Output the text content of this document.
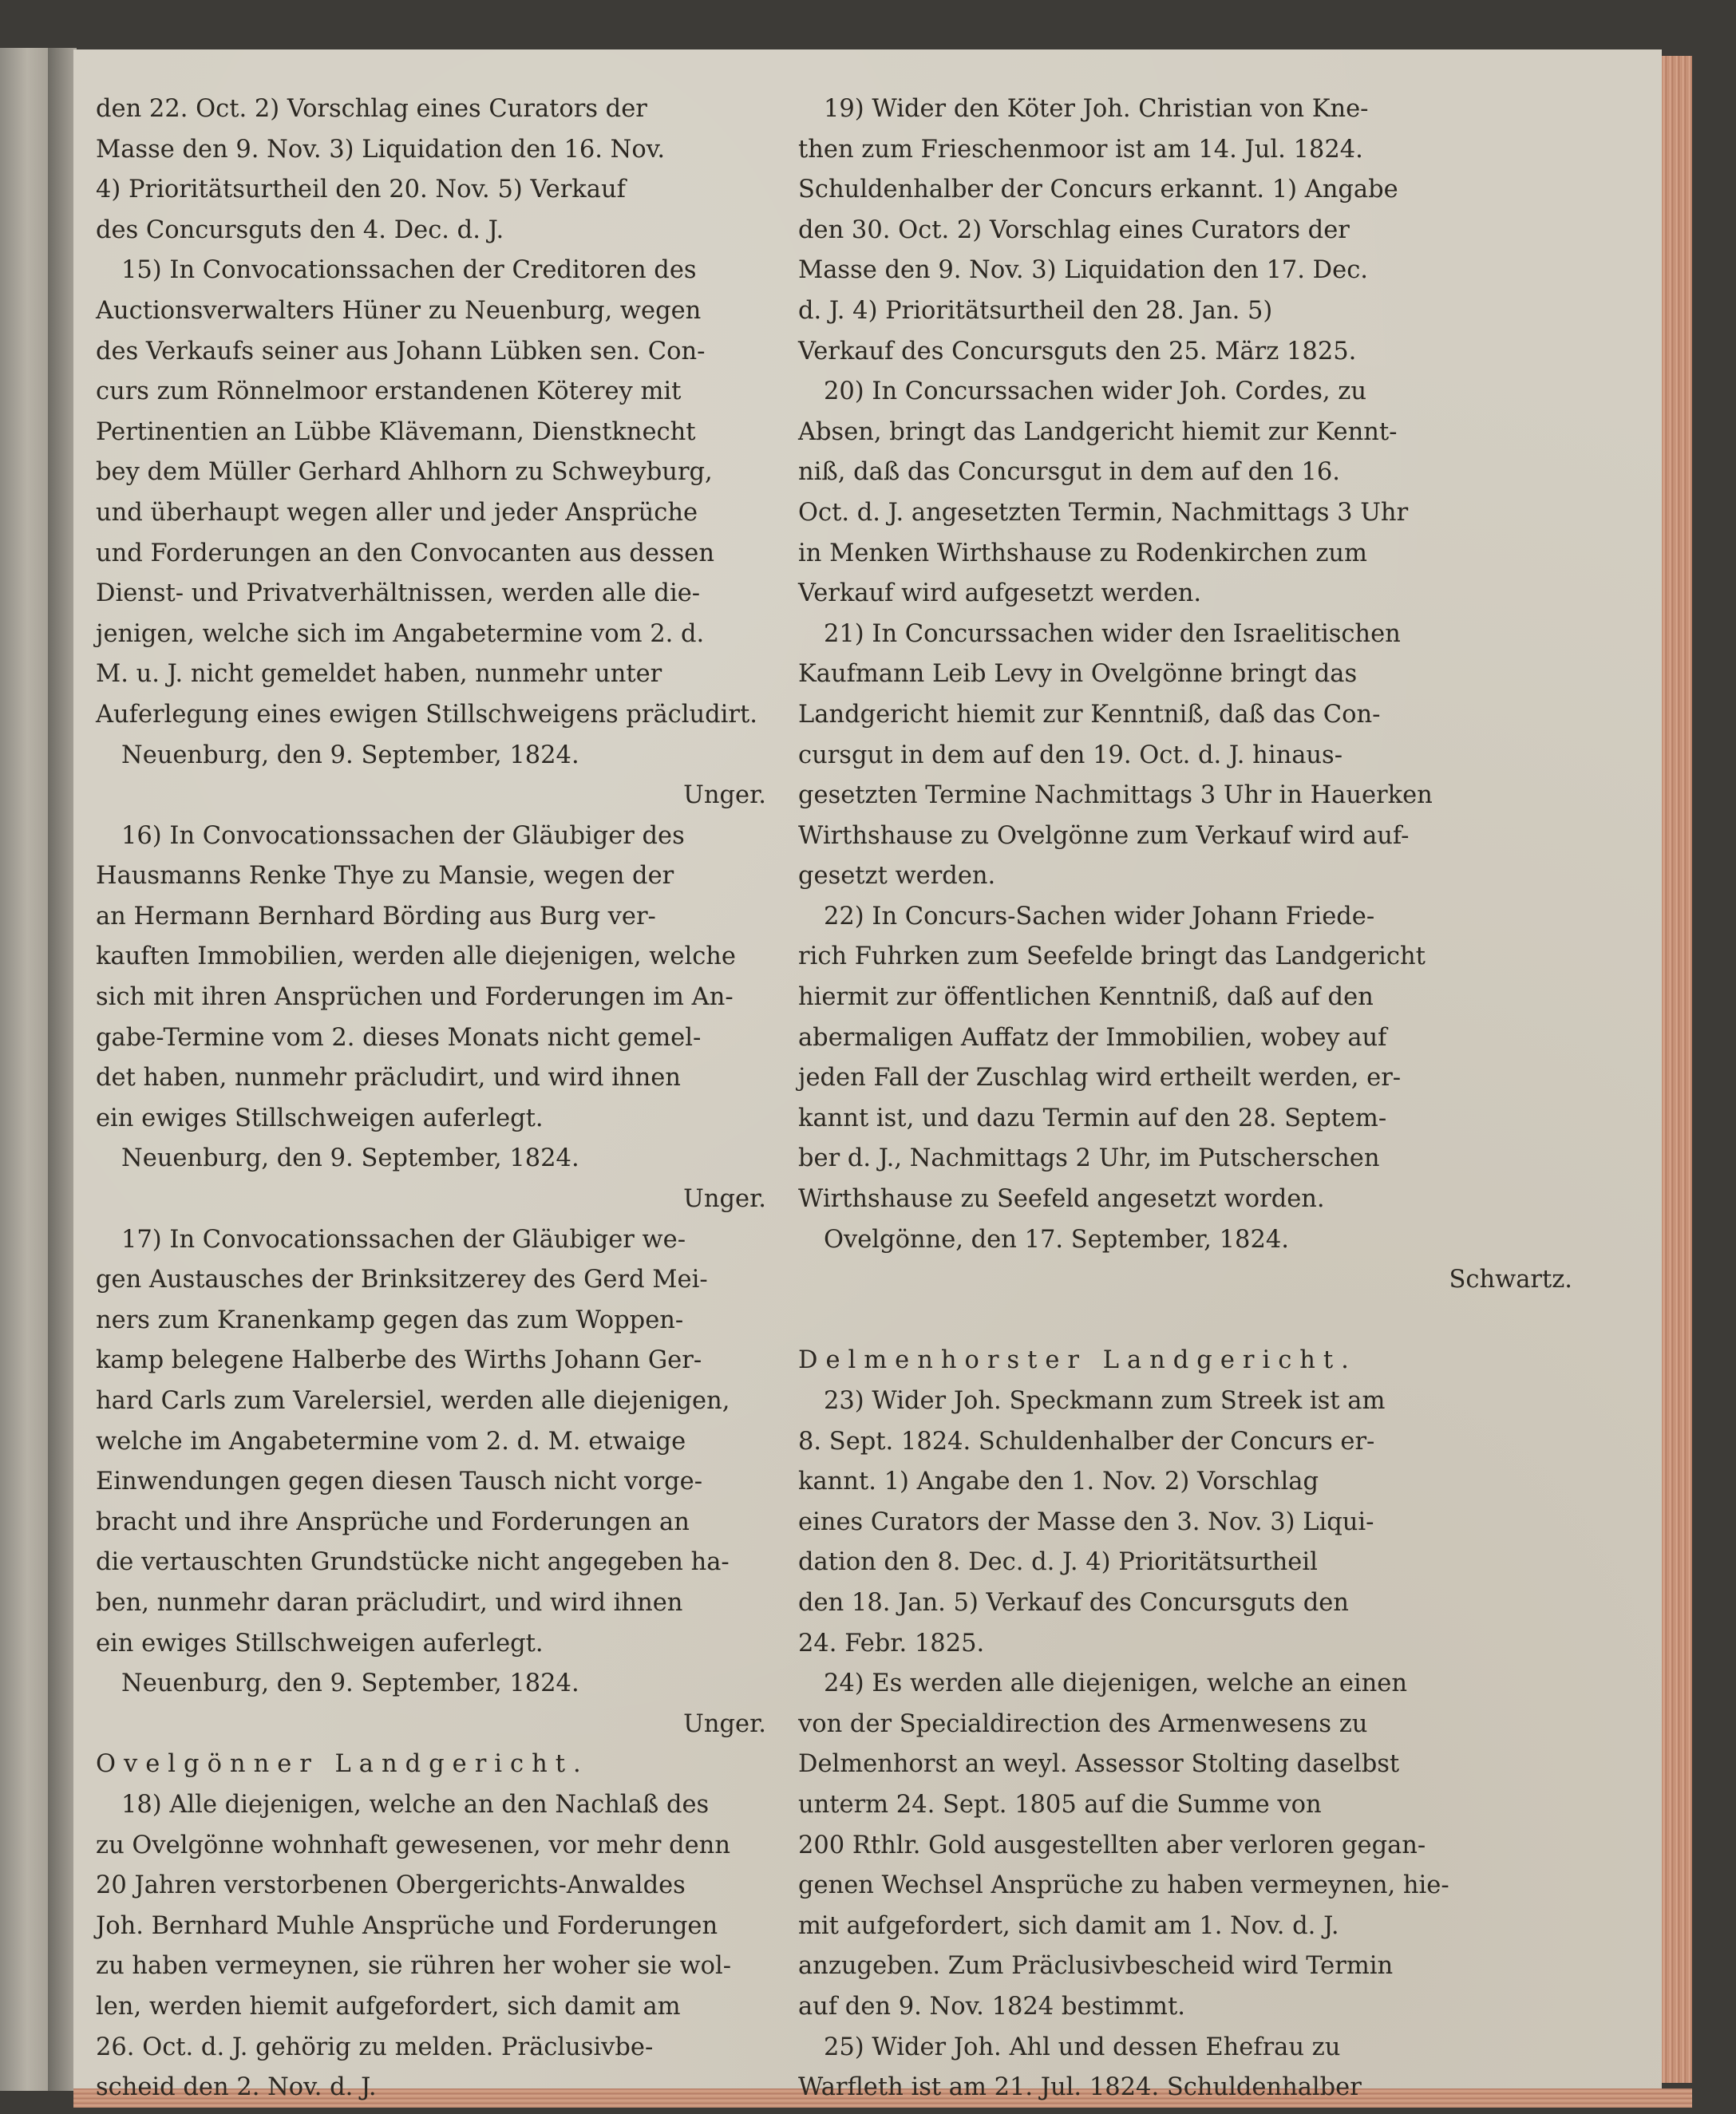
den 22. Oct. 2) Vorschlag eines Curators der

Masse den 9. Nov. 3) Liquidation den 16. Nov.

4) Prioritätsurtheil den 20. Nov. 5) Verkauf

des Concursguts den 4. Dec. d. J.

15) In Convocationssachen der Creditoren des

Auctionsverwalters Hüner zu Neuenburg, wegen

des Verkaufs seiner aus Johann Lübken sen. Con-

curs zum Rönnelmoor erstandenen Köterey mit

Pertinentien an Lübbe Klävemann, Dienstknecht

bey dem Müller Gerhard Ahlhorn zu Schweyburg,

und überhaupt wegen aller und jeder Ansprüche

und Forderungen an den Convocanten aus dessen

Dienst- und Privatverhältnissen, werden alle die-

jenigen, welche sich im Angabetermine vom 2. d.

M. u. J. nicht gemeldet haben, nunmehr unter

Auferlegung eines ewigen Stillschweigens präcludirt.

Neuenburg, den 9. September, 1824.

Unger.

16) In Convocationssachen der Gläubiger des

Hausmanns Renke Thye zu Mansie, wegen der

an Hermann Bernhard Börding aus Burg ver-

kauften Immobilien, werden alle diejenigen, welche

sich mit ihren Ansprüchen und Forderungen im An-

gabe-Termine vom 2. dieses Monats nicht gemel-

det haben, nunmehr präcludirt, und wird ihnen

ein ewiges Stillschweigen auferlegt.

Neuenburg, den 9. September, 1824.

Unger.

17) In Convocationssachen der Gläubiger we-

gen Austausches der Brinksitzerey des Gerd Mei-

ners zum Kranenkamp gegen das zum Woppen-

kamp belegene Halberbe des Wirths Johann Ger-

hard Carls zum Varelersiel, werden alle diejenigen,

welche im Angabetermine vom 2. d. M. etwaige

Einwendungen gegen diesen Tausch nicht vorge-

bracht und ihre Ansprüche und Forderungen an

die vertauschten Grundstücke nicht angegeben ha-

ben, nunmehr daran präcludirt, und wird ihnen

ein ewiges Stillschweigen auferlegt.

Neuenburg, den 9. September, 1824.

Unger.

Ovelgönner Landgericht.

18) Alle diejenigen, welche an den Nachlaß des

zu Ovelgönne wohnhaft gewesenen, vor mehr denn

20 Jahren verstorbenen Obergerichts-Anwaldes

Joh. Bernhard Muhle Ansprüche und Forderungen

zu haben vermeynen, sie rühren her woher sie wol-

len, werden hiemit aufgefordert, sich damit am

26. Oct. d. J. gehörig zu melden. Präclusivbe-

scheid den 2. Nov. d. J.

19) Wider den Köter Joh. Christian von Kne-

then zum Frieschenmoor ist am 14. Jul. 1824.

Schuldenhalber der Concurs erkannt. 1) Angabe

den 30. Oct. 2) Vorschlag eines Curators der

Masse den 9. Nov. 3) Liquidation den 17. Dec.

d. J. 4) Prioritätsurtheil den 28. Jan. 5)

Verkauf des Concursguts den 25. März 1825.

20) In Concurssachen wider Joh. Cordes, zu

Absen, bringt das Landgericht hiemit zur Kennt-

niß, daß das Concursgut in dem auf den 16.

Oct. d. J. angesetzten Termin, Nachmittags 3 Uhr

in Menken Wirthshause zu Rodenkirchen zum

Verkauf wird aufgesetzt werden.

21) In Concurssachen wider den Israelitischen

Kaufmann Leib Levy in Ovelgönne bringt das

Landgericht hiemit zur Kenntniß, daß das Con-

cursgut in dem auf den 19. Oct. d. J. hinaus-

gesetzten Termine Nachmittags 3 Uhr in Hauerken

Wirthshause zu Ovelgönne zum Verkauf wird auf-

gesetzt werden.

22) In Concurs-Sachen wider Johann Friede-

rich Fuhrken zum Seefelde bringt das Landgericht

hiermit zur öffentlichen Kenntniß, daß auf den

abermaligen Auffatz der Immobilien, wobey auf

jeden Fall der Zuschlag wird ertheilt werden, er-

kannt ist, und dazu Termin auf den 28. Septem-

ber d. J., Nachmittags 2 Uhr, im Putscherschen

Wirthshause zu Seefeld angesetzt worden.

Ovelgönne, den 17. September, 1824.

Schwartz.

Delmenhorster Landgericht.

23) Wider Joh. Speckmann zum Streek ist am

8. Sept. 1824. Schuldenhalber der Concurs er-

kannt. 1) Angabe den 1. Nov. 2) Vorschlag

eines Curators der Masse den 3. Nov. 3) Liqui-

dation den 8. Dec. d. J. 4) Prioritätsurtheil

den 18. Jan. 5) Verkauf des Concursguts den

24. Febr. 1825.

24) Es werden alle diejenigen, welche an einen

von der Specialdirection des Armenwesens zu

Delmenhorst an weyl. Assessor Stolting daselbst

unterm 24. Sept. 1805 auf die Summe von

200 Rthlr. Gold ausgestellten aber verloren gegan-

genen Wechsel Ansprüche zu haben vermeynen, hie-

mit aufgefordert, sich damit am 1. Nov. d. J.

anzugeben. Zum Präclusivbescheid wird Termin

auf den 9. Nov. 1824 bestimmt.

25) Wider Joh. Ahl und dessen Ehefrau zu

Warfleth ist am 21. Jul. 1824. Schuldenhalber
